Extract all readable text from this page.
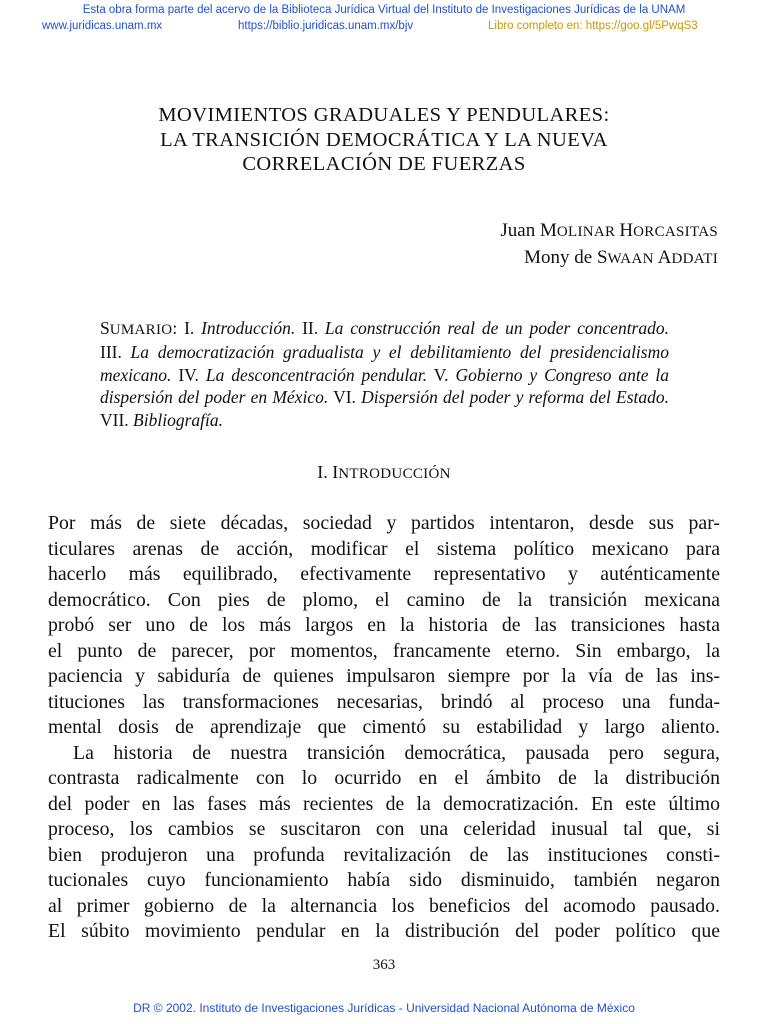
Esta obra forma parte del acervo de la Biblioteca Jurídica Virtual del Instituto de Investigaciones Jurídicas de la UNAM
www.juridicas.unam.mx	https://biblio.juridicas.unam.mx/bjv	Libro completo en: https://goo.gl/5PwqS3
MOVIMIENTOS GRADUALES Y PENDULARES:
LA TRANSICIÓN DEMOCRÁTICA Y LA NUEVA
CORRELACIÓN DE FUERZAS
Juan MOLINAR HORCASITAS
Mony de SWAAN ADDATI
SUMARIO: I. Introducción. II. La construcción real de un poder concentrado. III. La democratización gradualista y el debilitamiento del presidencialismo mexicano. IV. La desconcentración pendular. V. Gobierno y Congreso ante la dispersión del poder en México. VI. Dispersión del poder y reforma del Estado. VII. Bibliografía.
I. INTRODUCCIÓN
Por más de siete décadas, sociedad y partidos intentaron, desde sus par-
ticulares arenas de acción, modificar el sistema político mexicano para
hacerlo más equilibrado, efectivamente representativo y auténticamente
democrático. Con pies de plomo, el camino de la transición mexicana
probó ser uno de los más largos en la historia de las transiciones hasta
el punto de parecer, por momentos, francamente eterno. Sin embargo, la
paciencia y sabiduría de quienes impulsaron siempre por la vía de las ins-
tituciones las transformaciones necesarias, brindó al proceso una funda-
mental dosis de aprendizaje que cimentó su estabilidad y largo aliento.
La historia de nuestra transición democrática, pausada pero segura,
contrasta radicalmente con lo ocurrido en el ámbito de la distribución
del poder en las fases más recientes de la democratización. En este último
proceso, los cambios se suscitaron con una celeridad inusual tal que, si
bien produjeron una profunda revitalización de las instituciones consti-
tucionales cuyo funcionamiento había sido disminuido, también negaron
al primer gobierno de la alternancia los beneficios del acomodo pausado.
El súbito movimiento pendular en la distribución del poder político que
363
DR © 2002. Instituto de Investigaciones Jurídicas - Universidad Nacional Autónoma de México
